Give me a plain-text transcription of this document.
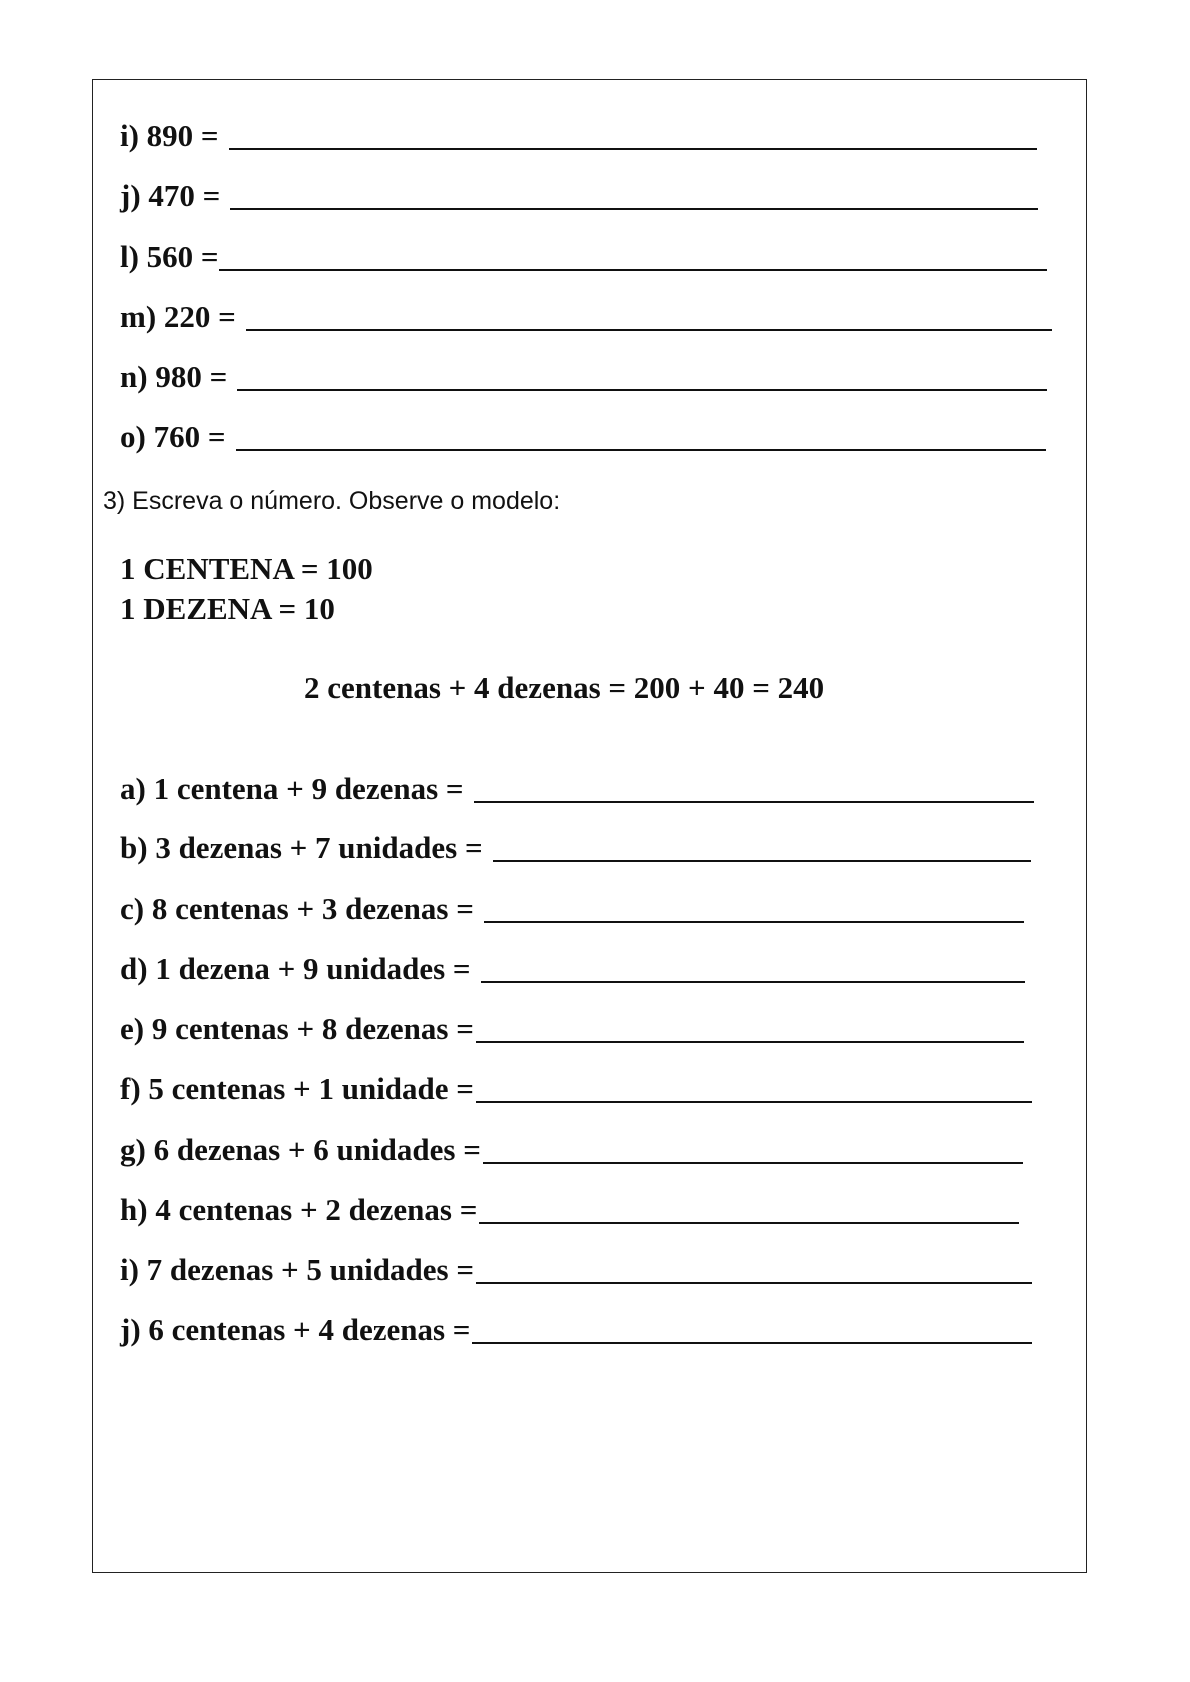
i) 890 =
j) 470 =
l) 560 =
m) 220 =
n) 980 =
o) 760 =
3) Escreva o número. Observe o modelo:
1 CENTENA = 100
1 DEZENA = 10
2 centenas + 4 dezenas = 200 + 40 = 240
a) 1 centena + 9 dezenas =
b) 3 dezenas + 7 unidades =
c) 8 centenas + 3 dezenas =
d) 1 dezena + 9 unidades =
e) 9 centenas + 8 dezenas =
f) 5 centenas + 1 unidade =
g) 6 dezenas + 6 unidades =
h) 4 centenas + 2 dezenas =
i) 7 dezenas + 5 unidades =
j) 6 centenas + 4 dezenas =
